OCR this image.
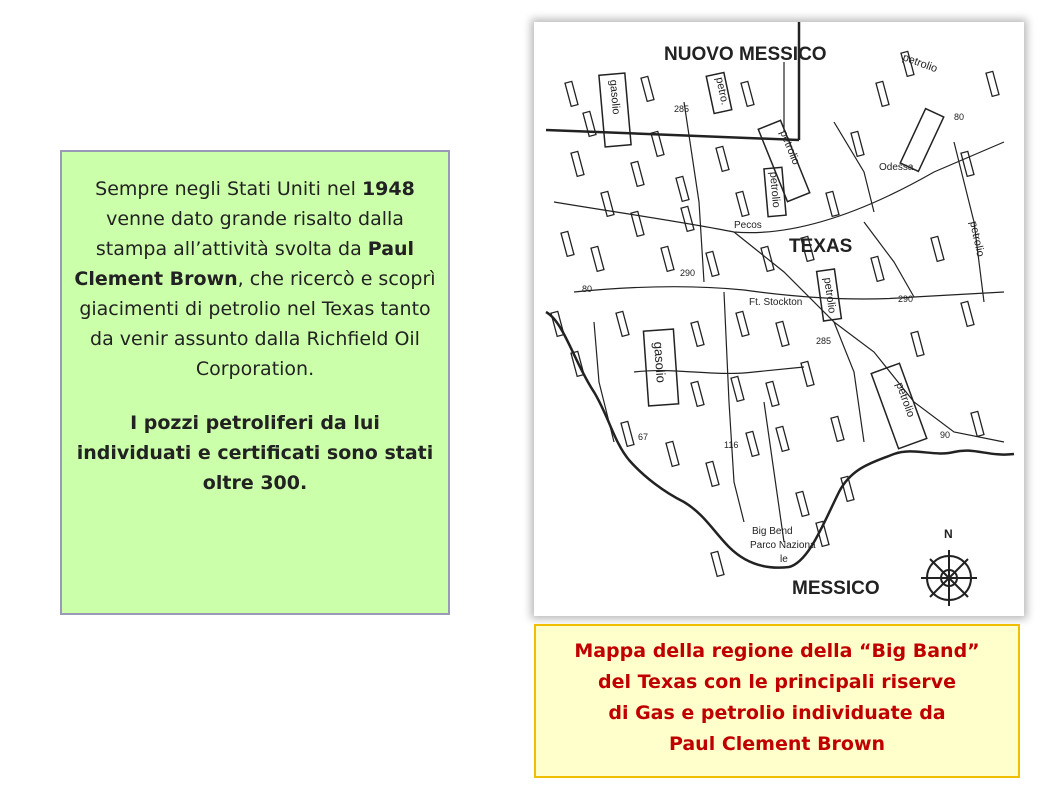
Sempre negli Stati Uniti nel 1948 venne dato grande risalto dalla stampa all’attività svolta da Paul Clement Brown, che ricercò e scoprì giacimenti di petrolio nel Texas tanto da venir assunto dalla Richfield Oil Corporation.

I pozzi petroliferi da lui individuati e certificati sono stati oltre 300.

NUOVO MESSICO
TEXAS
MESSICO
Odessa
Pecos
Ft. Stockton
Big Bend
Parco Naziona
le
N
gasolio	petro.
petrolio
petrolio
petrolio
gasolio
petrolio
petrolio
petrolio
285
80
290
80
290
285
67
116
90
Mappa della regione della “Big Band”
del Texas con le principali riserve
di Gas e petrolio individuate da
Paul Clement Brown
